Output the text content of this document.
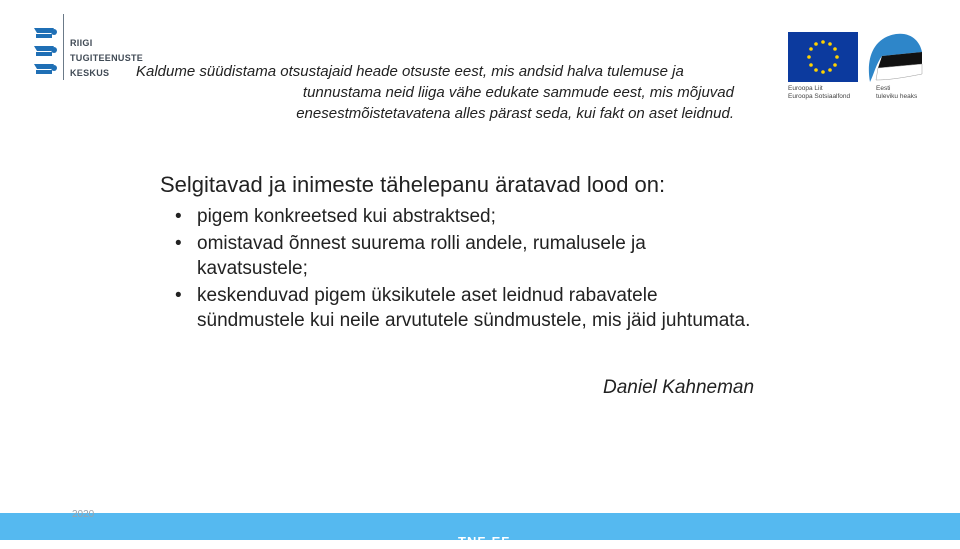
RIIGI TUGITEENUSTE
KESKUS
Euroopa Liit
Euroopa Sotsiaalfond
Eesti
tuleviku heaks
Kaldume süüdistama otsustajaid heade otsuste eest, mis andsid halva tulemuse ja
tunnustama neid liiga vähe edukate sammude eest, mis mõjuvad
enesestmõistetavatena alles pärast seda, kui fakt on aset leidnud.
Selgitavad ja inimeste tähelepanu äratavad lood on:
• pigem konkreetsed kui abstraktsed;
• omistavad õnnest suurema rolli andele, rumalusele ja kavatsustele;
• keskenduvad pigem üksikutele aset leidnud rabavatele sündmustele kui neile arvututele sündmustele, mis jäid juhtumata.
Daniel Kahneman
2020
TNF-EF
